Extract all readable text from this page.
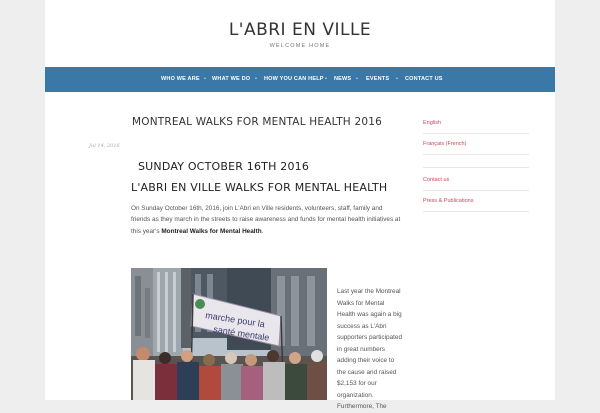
L'ABRI EN VILLE
WELCOME HOME
WHO WE ARE • WHAT WE DO • HOW YOU CAN HELP • NEWS • EVENTS • CONTACT US
MONTREAL WALKS FOR MENTAL HEALTH 2016
Jul 14, 2016
SUNDAY OCTOBER 16TH 2016
L'ABRI EN VILLE WALKS FOR MENTAL HEALTH

On Sunday October 16th, 2016, join L'Abri en Ville residents, volunteers, staff, family and friends as they march in the streets to raise awareness and funds for mental health initiatives at this year's Montreal Walks for Mental Health.

marche pour la
santé mentale

Last year the Montreal Walks for Mental Health was again a big success as L'Abri supporters participated in great numbers adding their voice to the cause and raised $2,153 for our organization. Furthermore, The

English
Français (French)
Contact us
Press & Publications
